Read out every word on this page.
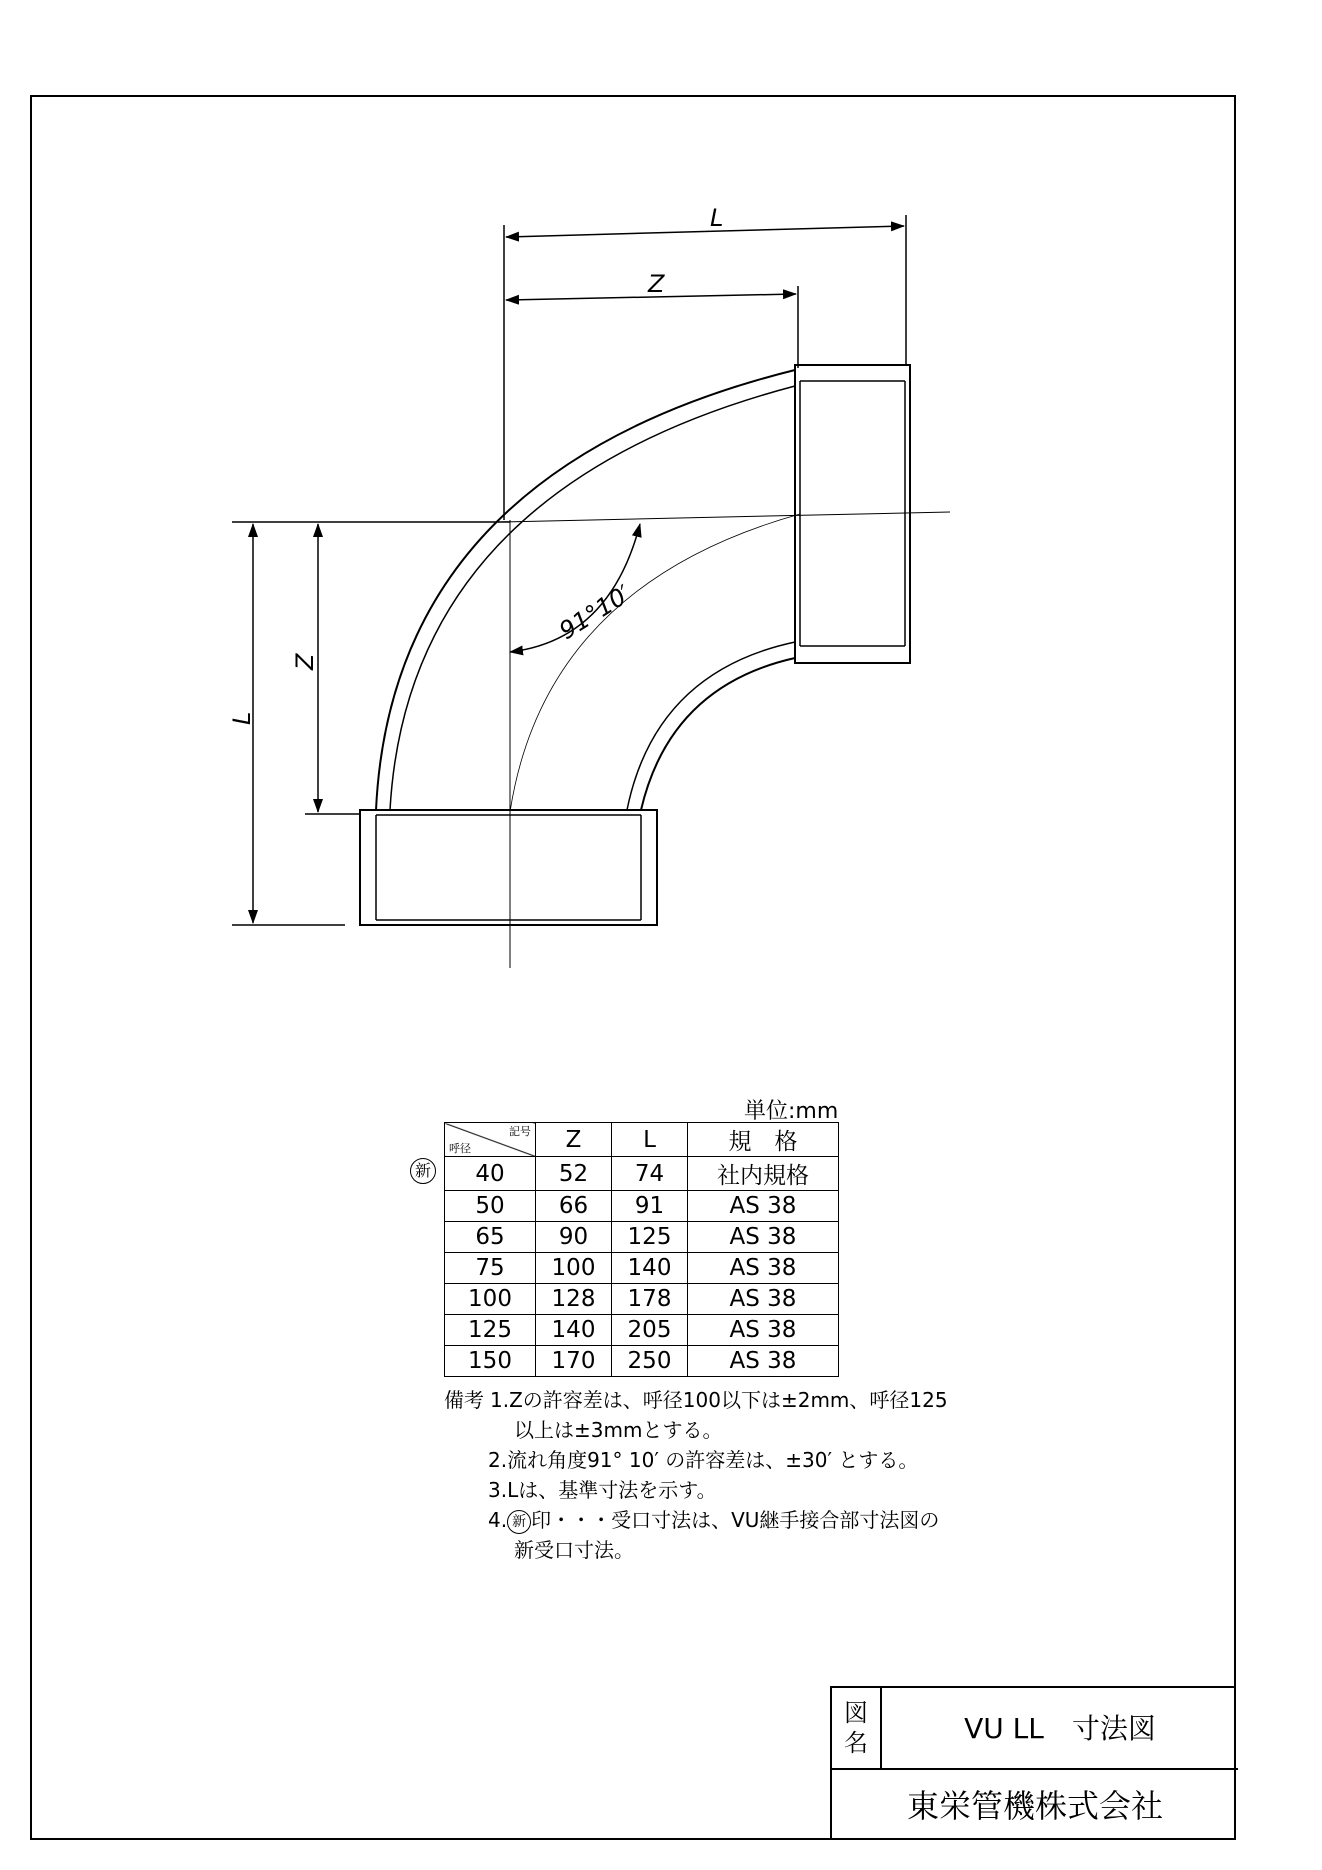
L
Z
L
Z
91°10′
単位:mm
新
記号
呼径	Z	L	規　格
40	52	74	社内規格
50	66	91	AS 38
65	90	125	AS 38
75	100	140	AS 38
100	128	178	AS 38
125	140	205	AS 38
150	170	250	AS 38
備考 1.Zの許容差は、呼径100以下は±2mm、呼径125
以上は±3mmとする。
2.流れ角度91° 10′ の許容差は、±30′ とする。
3.Lは、基準寸法を示す。
4. 新 印・・・受口寸法は、VU継手接合部寸法図の
新受口寸法。
図
名	VU LL　寸法図
東栄管機株式会社
